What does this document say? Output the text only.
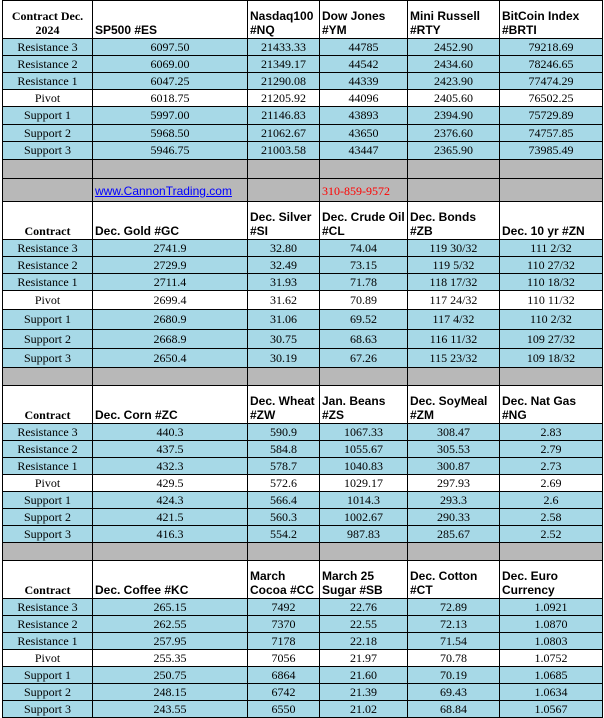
Contract Dec. 2024	SP500 #ES	Nasdaq100 #NQ	Dow Jones #YM	Mini Russell #RTY	BitCoin Index #BRTI
Resistance 3	6097.50	21433.33	44785	2452.90	79218.69
Resistance 2	6069.00	21349.17	44542	2434.60	78246.65
Resistance 1	6047.25	21290.08	44339	2423.90	77474.29
Pivot	6018.75	21205.92	44096	2405.60	76502.25
Support 1	5997.00	21146.83	43893	2394.90	75729.89
Support 2	5968.50	21062.67	43650	2376.60	74757.85
Support 3	5946.75	21003.58	43447	2365.90	73985.49

	www.CannonTrading.com		310-859-9572		
Contract	Dec. Gold #GC	Dec. Silver #SI	Dec. Crude Oil #CL	Dec. Bonds #ZB	Dec. 10 yr #ZN
Resistance 3	2741.9	32.80	74.04	119 30/32	111 2/32
Resistance 2	2729.9	32.49	73.15	119 5/32	110 27/32
Resistance 1	2711.4	31.93	71.78	118 17/32	110 18/32
Pivot	2699.4	31.62	70.89	117 24/32	110 11/32
Support 1	2680.9	31.06	69.52	117 4/32	110 2/32
Support 2	2668.9	30.75	68.63	116 11/32	109 27/32
Support 3	2650.4	30.19	67.26	115 23/32	109 18/32

Contract	Dec. Corn #ZC	Dec. Wheat #ZW	Jan. Beans #ZS	Dec. SoyMeal #ZM	Dec. Nat Gas #NG
Resistance 3	440.3	590.9	1067.33	308.47	2.83
Resistance 2	437.5	584.8	1055.67	305.53	2.79
Resistance 1	432.3	578.7	1040.83	300.87	2.73
Pivot	429.5	572.6	1029.17	297.93	2.69
Support 1	424.3	566.4	1014.3	293.3	2.6
Support 2	421.5	560.3	1002.67	290.33	2.58
Support 3	416.3	554.2	987.83	285.67	2.52

Contract	Dec. Coffee #KC	March Cocoa #CC	March 25 Sugar #SB	Dec. Cotton #CT	Dec. Euro Currency
Resistance 3	265.15	7492	22.76	72.89	1.0921
Resistance 2	262.55	7370	22.55	72.13	1.0870
Resistance 1	257.95	7178	22.18	71.54	1.0803
Pivot	255.35	7056	21.97	70.78	1.0752
Support 1	250.75	6864	21.60	70.19	1.0685
Support 2	248.15	6742	21.39	69.43	1.0634
Support 3	243.55	6550	21.02	68.84	1.0567
